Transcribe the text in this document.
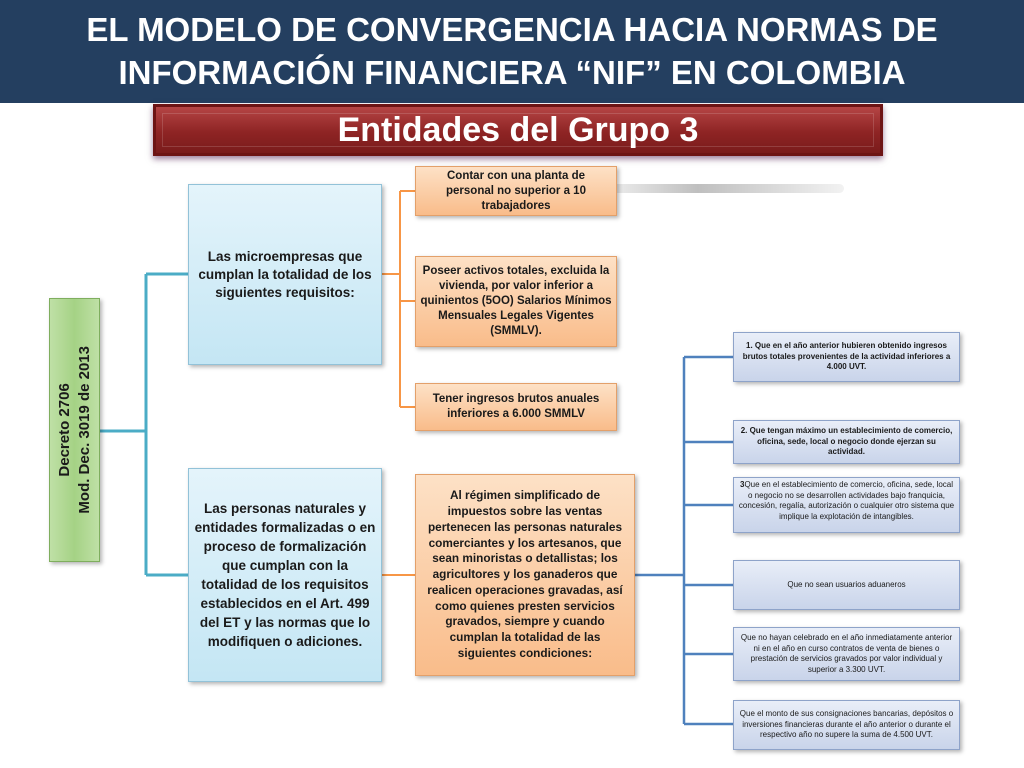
EL MODELO DE CONVERGENCIA HACIA NORMAS DE
INFORMACIÓN FINANCIERA “NIF” EN COLOMBIA
Entidades del Grupo 3
Decreto 2706 Mod. Dec. 3019 de 2013
Las microempresas que cumplan la totalidad de los siguientes requisitos:
Las personas naturales y entidades formalizadas o en proceso de formalización que cumplan con la totalidad de los requisitos establecidos en el Art. 499 del ET y las normas que lo modifiquen o adiciones.
Contar con una planta de personal no superior a 10 trabajadores
Poseer activos totales, excluida la vivienda, por valor inferior a quinientos (5OO) Salarios Mínimos Mensuales Legales Vigentes (SMMLV).
Tener ingresos brutos anuales inferiores a 6.000 SMMLV
Al régimen simplificado de impuestos sobre las ventas pertenecen las personas naturales comerciantes y los artesanos, que sean minoristas o detallistas; los agricultores y los ganaderos que realicen operaciones gravadas, así como quienes presten servicios gravados, siempre y cuando cumplan la totalidad de las siguientes condiciones:
1. Que en el año anterior hubieren obtenido ingresos brutos totales provenientes de la actividad inferiores a 4.000 UVT.
2. Que tengan máximo un establecimiento de comercio, oficina, sede, local o negocio donde ejerzan su actividad.
3Que en el establecimiento de comercio, oficina, sede, local o negocio no se desarrollen actividades bajo franquicia, concesión, regalía, autorización o cualquier otro sistema que implique la explotación de intangibles.
Que no sean usuarios aduaneros
Que no hayan celebrado en el año inmediatamente anterior ni en el año en curso contratos de venta de bienes o prestación de servicios gravados por valor individual y superior a 3.300 UVT.
Que el monto de sus consignaciones bancarias, depósitos o inversiones financieras durante el año anterior o durante el respectivo año no supere la suma de 4.500 UVT.
